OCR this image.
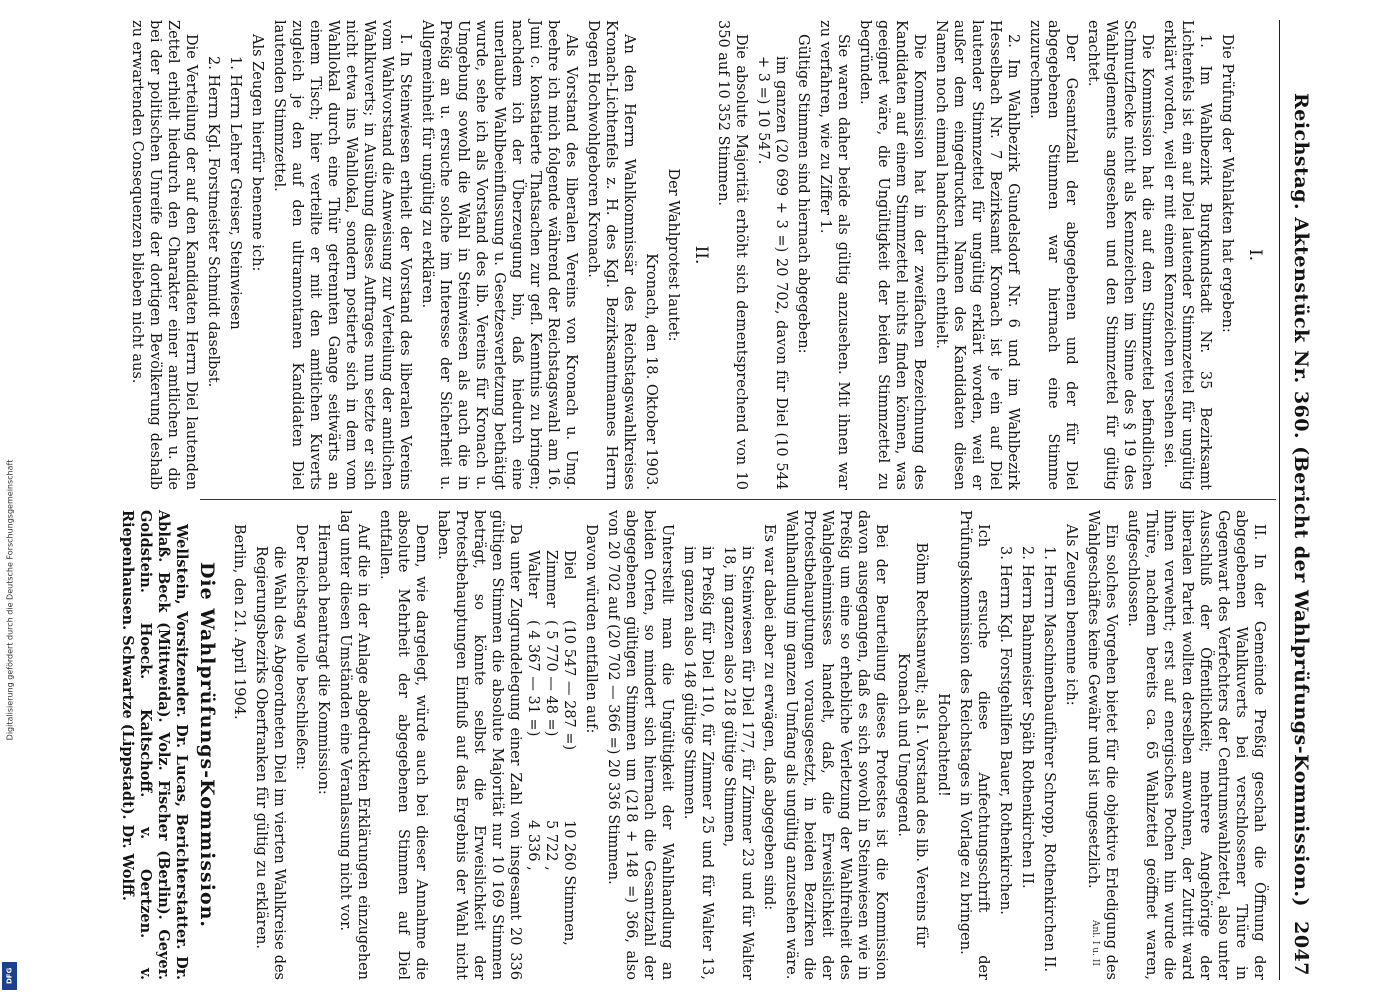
Digitalisierung gefördert durch die Deutsche Forschungsgemeinschaft
DFG
Reichstag. Aktenstück Nr. 360. (Bericht der Wahlprüfungs-Kommission.)
2047
I.

Die Prüfung der Wahlakten hat ergeben:

1. Im Wahlbezirk Burgkundstadt Nr. 35 Bezirksamt Lichtenfels ist ein auf Diel lautender Stimmzettel für ungültig erklärt worden, weil er mit einem Kennzeichen versehen sei.

Die Kommission hat die auf dem Stimmzettel befindlichen Schmutzflecke nicht als Kennzeichen im Sinne des § 19 des Wahlreglements angesehen und den Stimmzettel für gültig erachtet.

Der Gesamtzahl der abgegebenen und der für Diel abgegebenen Stimmen war hiernach eine Stimme zuzurechnen.

2. Im Wahlbezirk Gundelsdorf Nr. 6 und im Wahlbezirk Hesselbach Nr. 7 Bezirksamt Kronach ist je ein auf Diel lautender Stimmzettel für ungültig erklärt worden, weil er außer dem eingedruckten Namen des Kandidaten diesen Namen noch einmal handschriftlich enthielt.

Die Kommission hat in der zweifachen Bezeichnung des Kandidaten auf einem Stimmzettel nichts finden können, was geeignet wäre, die Ungültigkeit der beiden Stimmzettel zu begründen.

Sie waren daher beide als gültig anzusehen. Mit ihnen war zu verfahren, wie zu Ziffer 1.

Gültige Stimmen sind hiernach abgegeben:

im ganzen (20 699 + 3 =) 20 702, davon für Diel (10 544 + 3 =) 10 547.

Die absolute Majorität erhöht sich dementsprechend von 10 350 auf 10 352 Stimmen.

II.

Der Wahlprotest lautet:

Kronach, den 18. Oktober 1903.

An den Herrn Wahlkommissär des Reichstagswahlkreises Kronach-Lichtenfels z. H. des Kgl. Bezirksamtmannes Herrn Degen Hochwohlgeboren Kronach.

Als Vorstand des liberalen Vereins von Kronach u. Umg. beehre ich mich folgende während der Reichstagswahl am 16. Juni c. konstatierte Thatsachen zur gefl. Kenntnis zu bringen; nachdem ich der Überzeugung bin, daß hiedurch eine unerlaubte Wahlbeeinflussung u. Gesetzesverletzung bethätigt wurde, sehe ich als Vorstand des lib. Vereins für Kronach u. Umgebung sowohl die Wahl in Steinwiesen als auch die in Preßig an u. ersuche solche im Interesse der Sicherheit u. Allgemeinheit für ungültig zu erklären.

I. In Steinwiesen erhielt der Vorstand des liberalen Vereins vom Wahlvorstand die Anweisung zur Verteilung der amtlichen Wahlkuverts; in Ausübung dieses Auftrages nun setzte er sich nicht etwa ins Wahllokal, sondern postierte sich in dem vom Wahllokal durch eine Thür getrennten Gange seitwärts an einem Tisch; hier verteilte er mit den amtlichen Kuverts zugleich je den auf den ultramontanen Kandidaten Diel lautenden Stimmzettel.

Als Zeugen hierfür benenne ich:

1. Herrn Lehrer Greiser, Steinwiesen

2. Herrn Kgl. Forstmeister Schmidt daselbst.

Die Verteilung der auf den Kandidaten Herrn Diel lautenden Zettel erhielt hiedurch den Charakter einer amtlichen u. die bei der politischen Unreife der dortigen Bevölkerung deshalb zu erwartenden Consequenzen blieben nicht aus.

II. In der Gemeinde Preßig geschah die Öffnung der abgegebenen Wahlkuverts bei verschlossener Thüre in Gegenwart des Verfechters der Centrumswahlzettel, also unter Ausschluß der Öffentlichkeit; mehrere Angehörige der liberalen Partei wollten derselben anwohnen, der Zutritt ward ihnen verwehrt; erst auf energisches Pochen hin wurde die Thüre, nachdem bereits ca. 65 Wahlzettel geöffnet waren, aufgeschlossen.

Ein solches Vorgehen bietet für die objektive Erledigung des Wahlgeschäftes keine Gewähr und ist ungesetzlich.

Als Zeugen benenne ich:

1. Herrn Maschinenbauführer Schropp, Rothenkirchen II.

2. Herrn Bahnmeister Späth Rothenkirchen II.

3. Herrn Kgl. Forstgehilfen Bauer, Rothenkirchen.

Ich ersuche diese Anfechtungsschrift der Prüfungskommission des Reichstages in Vorlage zu bringen.

Hochachtend!

Böhm Rechtsanwalt; als I. Vorstand des lib. Vereins für Kronach und Umgegend.

Bei der Beurteilung dieses Protestes ist die Kommission davon ausgegangen, daß es sich sowohl in Steinwiesen wie in Preßig um eine so erhebliche Verletzung der Wahlfreiheit des Wahlgeheimnisses handelt, daß, die Erweislichkeit der Protestbehauptungen vorausgesetzt, in beiden Bezirken die Wahlhandlung im ganzen Umfang als ungültig anzusehen wäre.

Es war dabei aber zu erwägen, daß abgegeben sind:

in Steinwiesen für Diel 177, für Zimmer 23 und für Walter 18, im ganzen also 218 gültige Stimmen,

in Preßig für Diel 110, für Zimmer 25 und für Walter 13, im ganzen also 148 gültige Stimmen.

Unterstellt man die Ungültigkeit der Wahlhandlung an beiden Orten, so mindert sich hiernach die Gesamtzahl der abgegebenen gültigen Stimmen um (218 + 148 =) 366, also von 20 702 auf (20 702 — 366 =) 20 336 Stimmen.

Davon würden entfallen auf:

Diel
(10 547 — 287 =)
10 260 Stimmen,
Zimmer
( 5 770 — 48 =)
5 722 ,
Walter
( 4 367 — 31 =)
4 336 ,

Da unter Zugrundelegung einer Zahl von insgesamt 20 336 gültigen Stimmen die absolute Majorität nur 10 169 Stimmen beträgt, so könnte selbst die Erweislichkeit der Protestbehauptungen Einfluß auf das Ergebnis der Wahl nicht haben.

Denn, wie dargelegt, würde auch bei dieser Annahme die absolute Mehrheit der abgegebenen Stimmen auf Diel entfallen.

Auf die in der Anlage abgedruckten Erklärungen einzugehen lag unter diesen Umständen eine Veranlassung nicht vor.

Hiernach beantragt die Kommission:

Der Reichstag wolle beschließen:

die Wahl des Abgeordneten Diel im vierten Wahlkreise des Regierungsbezirks Oberfranken für gültig zu erklären.

Berlin, den 21. April 1904.

Die Wahlprüfungs-Kommission.

Wellstein, Vorsitzender. Dr. Lucas, Berichterstatter. Dr. Ablaß. Beck (Mittweida). Volz. Fischer (Berlin). Geyer. Goldstein. Hoeck. Kaltschoff. v. Oertzen. v. Riepenhausen. Schwartze (Lippstadt). Dr. Wolff.

Anl. I u. II
